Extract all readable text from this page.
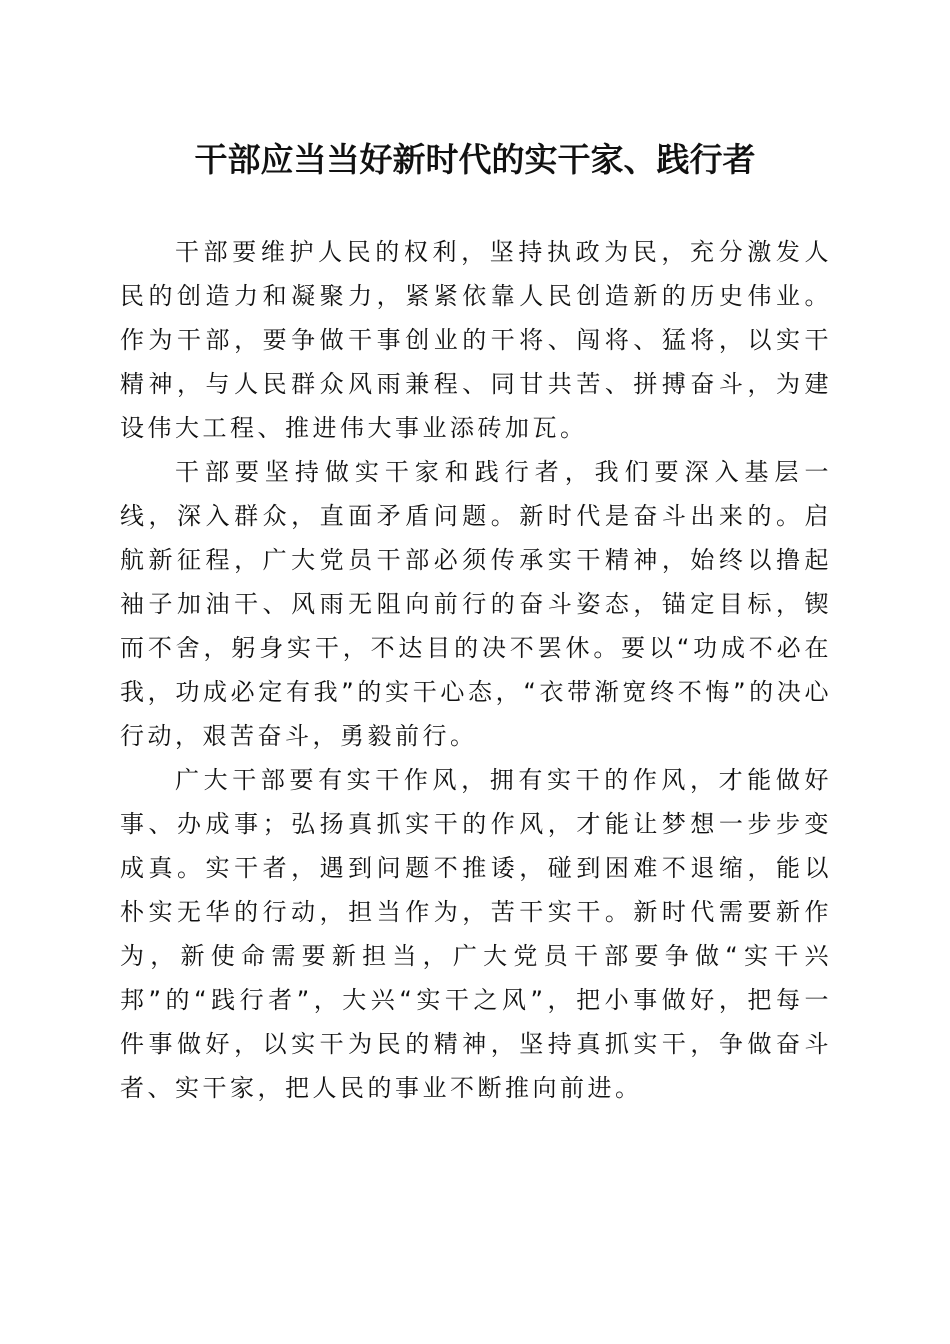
干部应当当好新时代的实干家、践行者

干部要维护人民的权利，坚持执政为民，充分激发人民的创造力和凝聚力，紧紧依靠人民创造新的历史伟业。作为干部，要争做干事创业的干将、闯将、猛将，以实干精神，与人民群众风雨兼程、同甘共苦、拼搏奋斗，为建设伟大工程、推进伟大事业添砖加瓦。

干部要坚持做实干家和践行者，我们要深入基层一线，深入群众，直面矛盾问题。新时代是奋斗出来的。启航新征程，广大党员干部必须传承实干精神，始终以撸起袖子加油干、风雨无阻向前行的奋斗姿态，锚定目标，锲而不舍，躬身实干，不达目的决不罢休。要以“功成不必在我，功成必定有我”的实干心态，“衣带渐宽终不悔”的决心行动，艰苦奋斗，勇毅前行。

广大干部要有实干作风，拥有实干的作风，才能做好事、办成事；弘扬真抓实干的作风，才能让梦想一步步变成真。实干者，遇到问题不推诿，碰到困难不退缩，能以朴实无华的行动，担当作为，苦干实干。新时代需要新作为，新使命需要新担当，广大党员干部要争做“实干兴邦”的“践行者”，大兴“实干之风”，把小事做好，把每一件事做好，以实干为民的精神，坚持真抓实干，争做奋斗者、实干家，把人民的事业不断推向前进。
